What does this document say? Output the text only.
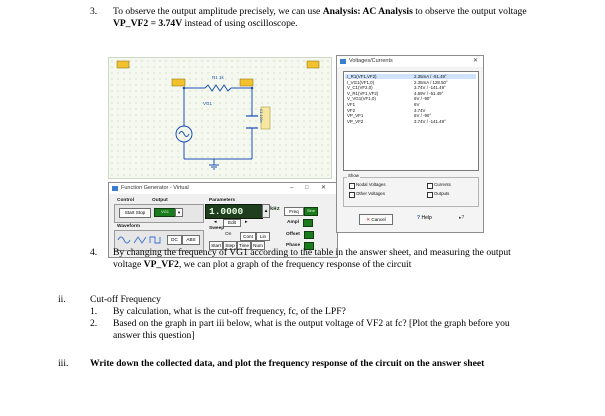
3. To observe the output amplitude precisely, we can use Analysis: AC Analysis to observe the output voltage
VP_VF2 = 3.74V instead of using oscilloscope.
R1 1k
VG1
C1 100n
Function Generator - Virtual	– □ ✕
Control	Output	Parameters
Start Stop	VG1	▾
Waveform
DC	ABS
1.0000	▲ kHz
◂	Edit	▸
Sweep
On	Cont	Lin
Start Step Time Num
Freq	Sine
Ampl
Offset
Phase
Voltages/Currents	✕
I_R1(VF1,VF2)	2.35mA / -51.49°
I_VG1(VF1,0)	2.35mA / 128.50°
V_C1(VF2,0)	3.74V / -141.49°
V_R1(VF1,VF2)	4.69V / -51.49°
V_VG1(VF1,0)	6V / -90°
VF1	6V
VF2	3.74V
VP_VF1	6V / -90°
VP_VF2	3.74V / -141.49°
Show
Nodal Voltages
Other Voltages
Currents
Outputs
✕ Cancel	? Help	▸?
4. By changing the frequency of VG1 according to the table in the answer sheet, and measuring the output
voltage VP_VF2, we can plot a graph of the frequency response of the circuit
ii.	Cut-off Frequency
1. By calculation, what is the cut-off frequency, fc, of the LPF?
2. Based on the graph in part iii below, what is the output voltage of VF2 at fc? [Plot the graph before you
answer this question]
iii. Write down the collected data, and plot the frequency response of the circuit on the answer sheet
